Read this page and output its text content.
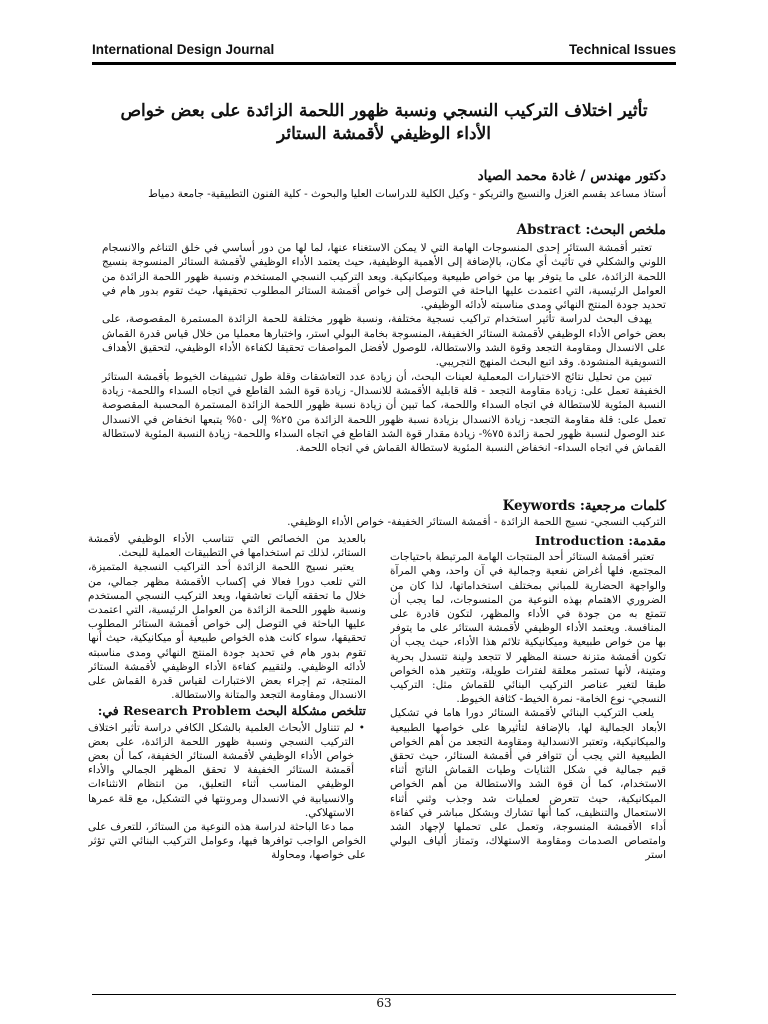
International Design Journal	Technical Issues
تأثير اختلاف التركيب النسجي ونسبة ظهور اللحمة الزائدة على بعض خواص
الأداء الوظيفي لأقمشة الستائر
دكتور مهندس / غادة محمد الصياد
أستاذ مساعد بقسم الغزل والنسيج والتريكو - وكيل الكلية للدراسات العليا والبحوث - كلية الفنون التطبيقية- جامعة دمياط
ملخص البحث: Abstract

تعتبر أقمشة الستائر إحدى المنسوجات الهامة التي لا يمكن الاستغناء عنها، لما لها من دور أساسي في خلق التناغم والانسجام اللوني والشكلي في تأثيث أي مكان، بالإضافة إلى الأهمية الوظيفية، حيث يعتمد الأداء الوظيفي لأقمشة الستائر المنسوجة بنسيج اللحمة الزائدة، على ما يتوفر بها من خواص طبيعية وميكانيكية. ويعد التركيب النسجي المستخدم ونسبة ظهور اللحمة الزائدة من العوامل الرئيسية، التي اعتمدت عليها الباحثة في التوصل إلى خواص أقمشة الستائر المطلوب تحقيقها، حيث تقوم بدور هام في تحديد جودة المنتج النهائي ومدى مناسبته لأدائه الوظيفي.

يهدف البحث لدراسة تأثير استخدام تراكيب نسجية مختلفة، ونسبة ظهور مختلفة للحمة الزائدة المستمرة المقصوصة، على بعض خواص الأداء الوظيفي لأقمشة الستائر الخفيفة، المنسوجة بخامة البولي استر، واختبارها معمليا من خلال قياس قدرة القماش على الانسدال ومقاومة التجعد وقوة الشد والاستطالة، للوصول لأفضل المواصفات تحقيقا لكفاءة الأداء الوظيفي، لتحقيق الأهداف التسويقية المنشودة. وقد اتبع البحث المنهج التجريبي.

تبين من تحليل نتائج الاختبارات المعملية لعينات البحث، أن زيادة عدد التعاشقات وقلة طول تشييفات الخيوط بأقمشة الستائر الخفيفة تعمل على: زيادة مقاومة التجعد - قلة قابلية الأقمشة للانسدال- زيادة قوة الشد القاطع في اتجاه السداء واللحمة- زيادة النسبة المئوية للاستطالة في اتجاه السداء واللحمة، كما تبين أن زيادة نسبة ظهور اللحمة الزائدة المستمرة المحسبة المقصوصة تعمل على: قلة مقاومة التجعد- زيادة الانسدال بزيادة نسبة ظهور اللحمة الزائدة من ٢٥% إلى ٥٠% يتبعها انخفاض في الانسدال عند الوصول لنسبة ظهور لحمة زائدة ٧٥%- زيادة مقدار قوة الشد القاطع في اتجاه السداء واللحمة- زيادة النسبة المئوية لاستطالة القماش في اتجاه السداء- انخفاض النسبة المئوية لاستطالة القماش في اتجاه اللحمة.

كلمات مرجعية: Keywords
التركيب النسجي- نسيج اللحمة الزائدة - أقمشة الستائر الخفيفة- خواص الأداء الوظيفي.
مقدمة: Introduction

تعتبر أقمشة الستائر أحد المنتجات الهامة المرتبطة باحتياجات المجتمع، فلها أغراض نفعية وجمالية في آن واحد، وهي المرآة والواجهة الحضارية للمباني بمختلف استخداماتها، لذا كان من الضروري الاهتمام بهذه النوعية من المنسوجات، لما يجب أن تتمتع به من جودة في الأداء والمظهر، لتكون قادرة على المنافسة. ويعتمد الأداء الوظيفي لأقمشة الستائر على ما يتوفر بها من خواص طبيعية وميكانيكية تلائم هذا الأداء، حيث يجب أن تكون أقمشة متزنة حسنة المظهر لا تتجعد ولينة تتسدل بحرية ومتينة، لأنها تستمر معلقة لفترات طويلة، وتتغير هذه الخواص طبقا لتغير عناصر التركيب البنائي للقماش مثل: التركيب النسجي- نوع الخامة- نمرة الخيط- كثافة الخيوط.

يلعب التركيب البنائي لأقمشة الستائر دورا هاما في تشكيل الأبعاد الجمالية لها، بالإضافة لتأثيرها على خواصها الطبيعية والميكانيكية، وتعتبر الانسدالية ومقاومة التجعد من أهم الخواص الطبيعية التي يجب أن تتوافر في أقمشة الستائر، حيث تحقق قيم جمالية في شكل الثنايات وطيات القماش الناتج أثناء الاستخدام، كما أن قوة الشد والاستطالة من أهم الخواص الميكانيكية، حيث تتعرض لعمليات شد وجذب وثني أثناء الاستعمال والتنظيف، كما أنها تشارك وبشكل مباشر في كفاءة أداء الأقمشة المنسوجة، وتعمل على تحملها لإجهاد الشد وامتصاص الصدمات ومقاومة الاستهلاك، وتمتاز ألياف البولي استر

بالعديد من الخصائص التي تتناسب الأداء الوظيفي لأقمشة الستائر، لذلك تم استخدامها في التطبيقات العملية للبحث.

يعتبر نسيج اللحمة الزائدة أحد التراكيب النسجية المتميزة، التي تلعب دورا فعالا في إكساب الأقمشة مظهر جمالي، من خلال ما تحققه آليات تعاشقها، ويعد التركيب النسجي المستخدم ونسبة ظهور اللحمة الزائدة من العوامل الرئيسية، التي اعتمدت عليها الباحثة في التوصل إلى خواص أقمشة الستائر المطلوب تحقيقها، سواء كانت هذه الخواص طبيعية أو ميكانيكية، حيث أنها تقوم بدور هام في تحديد جودة المنتج النهائي ومدى مناسبته لأدائه الوظيفي. ولتقييم كفاءة الأداء الوظيفي لأقمشة الستائر المنتجة، تم إجراء بعض الاختبارات لقياس قدرة القماش على الانسدال ومقاومة التجعد والمتانة والاستطالة.

تتلخص مشكلة البحث Research Problem في:
• لم تتناول الأبحاث العلمية بالشكل الكافي دراسة تأثير اختلاف التركيب النسجي ونسبة ظهور اللحمة الزائدة، على بعض خواص الأداء الوظيفي لأقمشة الستائر الخفيفة، كما أن بعض أقمشة الستائر الخفيفة لا تحقق المظهر الجمالي والأداء الوظيفي المناسب أثناء التعليق، من انتظام الانثناءات والانسيابية في الانسدال ومرونتها في التشكيل، مع قلة عمرها الاستهلاكي.

مما دعا الباحثة لدراسة هذه النوعية من الستائر، للتعرف على الخواص الواجب توافرها فيها، وعوامل التركيب البنائي التي تؤثر على خواصها، ومحاولة

63
